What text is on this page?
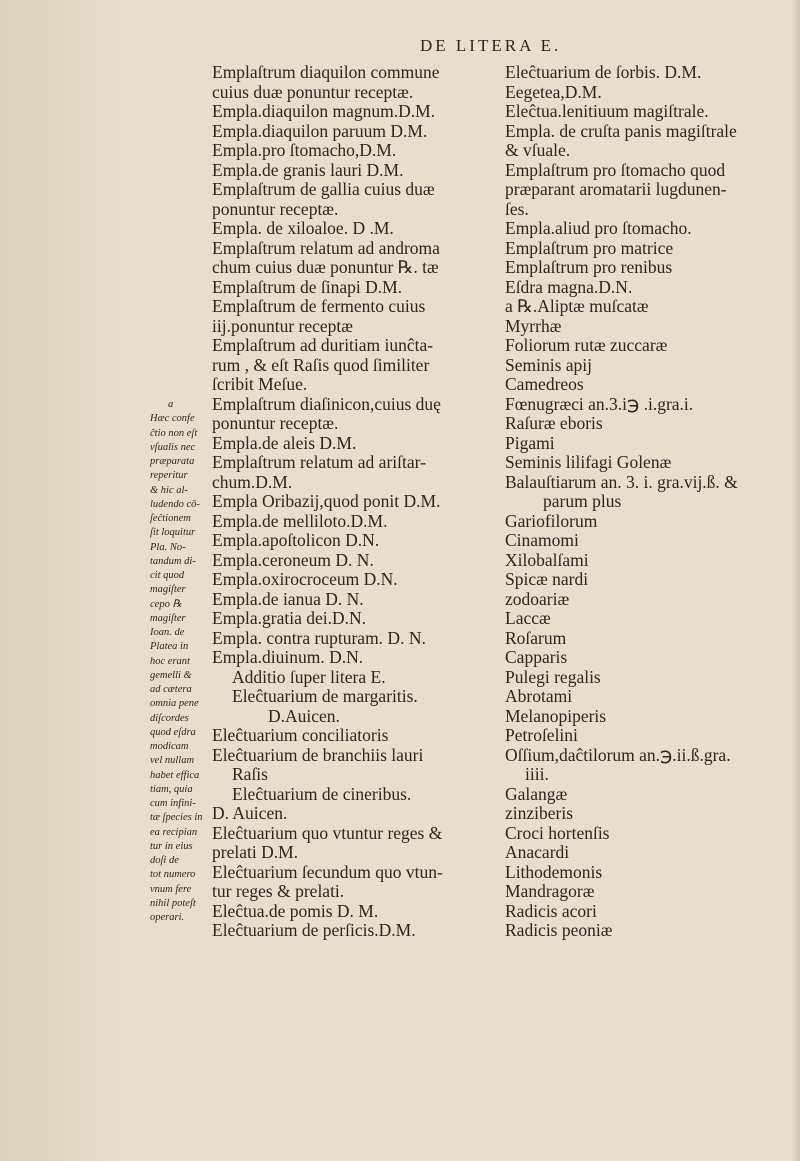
DE LITERA E.
Emplaſtrum diaquilon commune
cuius duæ ponuntur receptæ.
Empla.diaquilon magnum.D.M.
Empla.diaquilon paruum D.M.
Empla.pro ſtomacho,D.M.
Empla.de granis lauri D.M.
Emplaſtrum de gallia cuius duæ
ponuntur receptæ.
Empla. de xiloaloe. D .M.
Emplaſtrum relatum ad androma
chum cuius duæ ponuntur ℞. tæ
Emplaſtrum de ſinapi D.M.
Emplaſtrum de fermento cuius
iij.ponuntur receptæ
Emplaſtrum ad duritiam iunĉta-
rum , & eſt Raſis quod ſimiliter
ſcribit Meſue.
Emplaſtrum diaſinicon,cuius duę
ponuntur receptæ.
Empla.de aleis D.M.
Emplaſtrum relatum ad ariſtar-
chum.D.M.
Empla Oribazij,quod ponit D.M.
Empla.de melliloto.D.M.
Empla.apoſtolicon D.N.
Empla.ceroneum D. N.
Empla.oxirocroceum D.N.
Empla.de ianua D. N.
Empla.gratia dei.D.N.
Empla. contra rupturam. D. N.
Empla.diuinum. D.N.
Additio ſuper litera E.
Eleĉtuarium de margaritis.
D.Auicen.
Eleĉtuarium conciliatoris
Eleĉtuarium de branchiis lauri
Raſis
Eleĉtuarium de cineribus.
D. Auicen.
Eleĉtuarium quo vtuntur reges &
prelati D.M.
Eleĉtuarium ſecundum quo vtun-
tur reges & prelati.
Eleĉtua.de pomis D. M.
Eleĉtuarium de perſicis.D.M.
Eleĉtuarium de ſorbis. D.M.
Eegetea,D.M.
Eleĉtua.lenitiuum magiſtrale.
Empla. de cruſta panis magiſtrale
& vſuale.
Emplaſtrum pro ſtomacho quod
præparant aromatarii lugdunen-
ſes.
Empla.aliud pro ſtomacho.
Emplaſtrum pro matrice
Emplaſtrum pro renibus
Eſdra magna.D.N.
a ℞.Aliptæ muſcatæ
Myrrhæ
Foliorum rutæ zuccaræ
Seminis apij
Camedreos
Fœnugræci an.3.i℈ .i.gra.i.
Raſuræ eboris
Pigami
Seminis lilifagi Golenæ
Balauſtiarum an. 3. i. gra.vij.ß. &
parum plus
Gariofilorum
Cinamomi
Xilobalſami
Spicæ nardi
zodoariæ
Laccæ
Roſarum
Capparis
Pulegi regalis
Abrotami
Melanopiperis
Petroſelini
Oſſium,daĉtilorum an.℈.ii.ß.gra.
iiii.
Galangæ
zinziberis
Croci hortenſis
Anacardi
Lithodemonis
Mandragoræ
Radicis acori
Radicis peoniæ
a
Hæc confe
ĉtio non eſt
vſualis nec
præparata
reperitur
& hic al-
ludendo cō-
ſeĉtionem
ſit loquitur
Pla. No-
tandum di-
cit quod
magiſter
cepo ℞
magiſter
Ioan. de
Platea in
hoc erant
gemelli &
ad cætera
omnia pene
diſcordes
quod eſdra
modicam
vel nullam
habet effica
tiam, quia
cum infini-
tæ ſpecies in
ea recipian
tur in eius
doſi de
tot numero
vnum fere
nihil poteſt
operari.
